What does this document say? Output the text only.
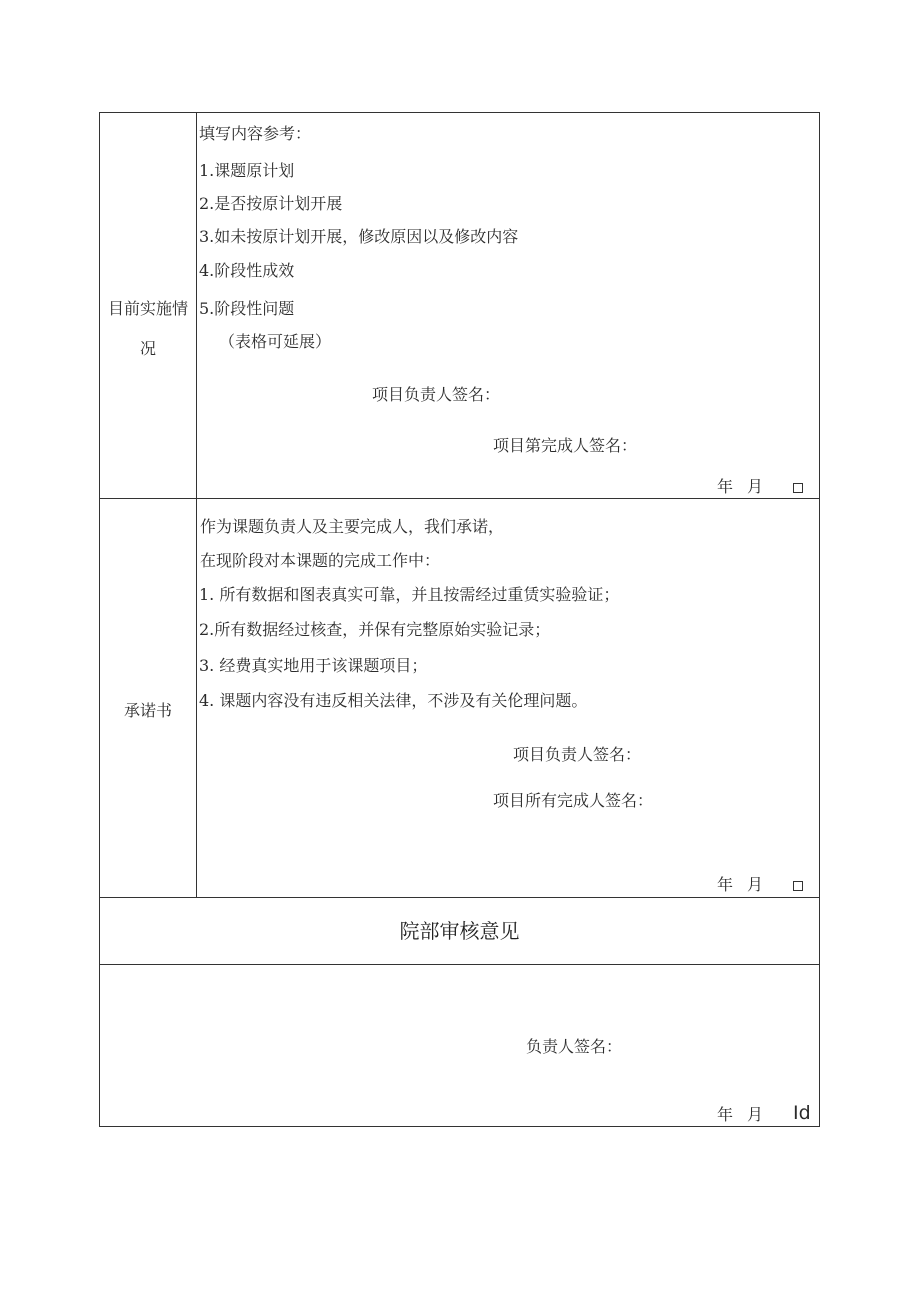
目前实施情
况
填写内容参考：
1.课题原计划
2.是否按原计划开展
3.如未按原计划开展，修改原因以及修改内容
4.阶段性成效
5.阶段性问题
（表格可延展）
项目负责人签名：
项目第完成人签名：
年 月
承诺书
作为课题负责人及主要完成人，我们承诺，
在现阶段对本课题的完成工作中：
1. 所有数据和图表真实可靠，并且按需经过重赁实验验证；
2.所有数据经过核查，并保有完整原始实验记录；
3. 经费真实地用于该课题项目；
4. 课题内容没有违反相关法律，不涉及有关伦理问题。
项目负责人签名：
项目所有完成人签名：
年 月
院部审核意见
负责人签名：
年 月 Id
